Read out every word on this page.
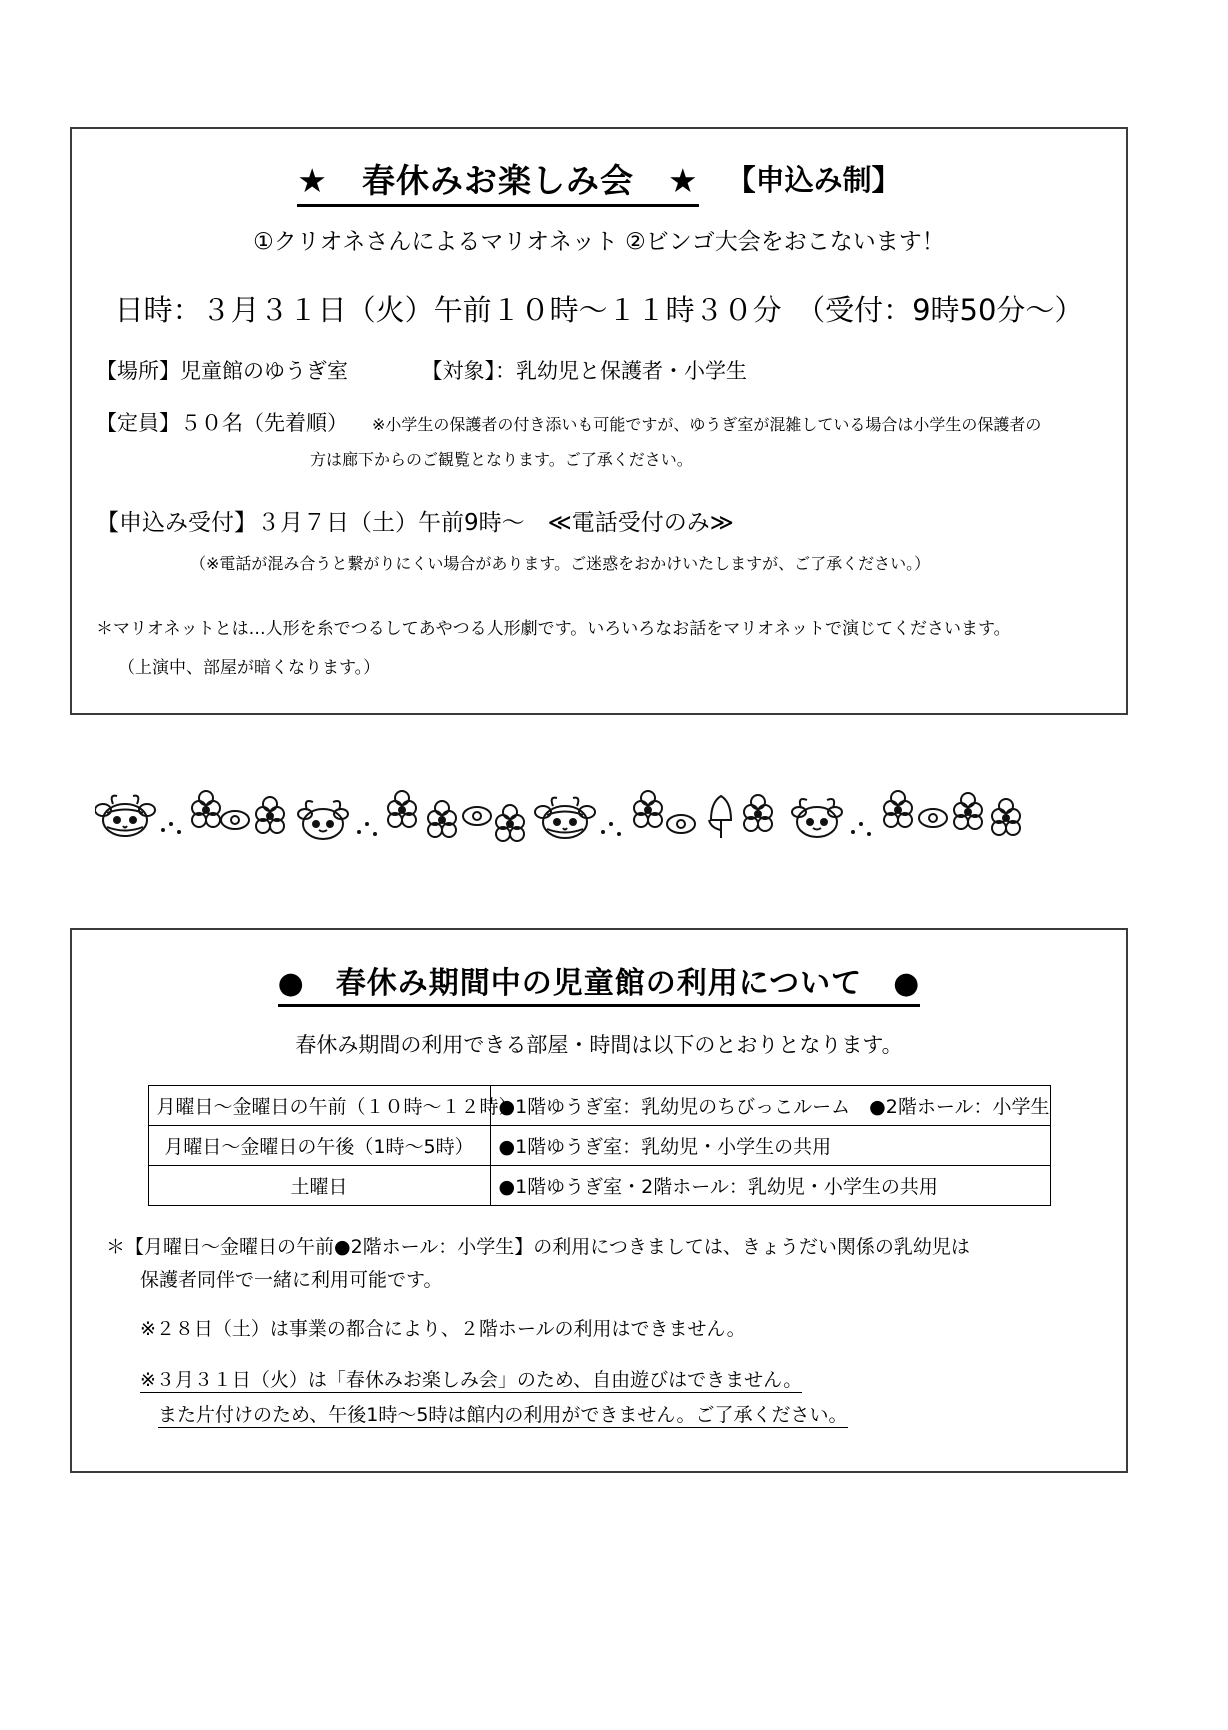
★　春休みお楽しみ会　★ 【申込み制】
①クリオネさんによるマリオネット ②ビンゴ大会をおこないます！
日時：３月３１日（火）午前１０時〜１１時３０分　（受付：9時50分〜）
【場所】児童館のゆうぎ室　　　　【対象】：乳幼児と保護者・小学生
【定員】５０名（先着順） ※小学生の保護者の付き添いも可能ですが、ゆうぎ室が混雑している場合は小学生の保護者の
方は廊下からのご観覧となります。ご了承ください。
【申込み受付】３月７日（土）午前9時〜　≪電話受付のみ≫
（※電話が混み合うと繋がりにくい場合があります。ご迷惑をおかけいたしますが、ご了承ください。）
＊マリオネットとは…人形を糸でつるしてあやつる人形劇です。いろいろなお話をマリオネットで演じてくださいます。
（上演中、部屋が暗くなります。）
●　春休み期間中の児童館の利用について　●
春休み期間の利用できる部屋・時間は以下のとおりとなります。
月曜日〜金曜日の午前（１０時〜１２時）	●1階ゆうぎ室：乳幼児のちびっこルーム　●2階ホール：小学生
月曜日〜金曜日の午後（1時〜5時）	●1階ゆうぎ室：乳幼児・小学生の共用
土曜日	●1階ゆうぎ室・2階ホール：乳幼児・小学生の共用
＊【月曜日〜金曜日の午前●2階ホール：小学生】の利用につきましては、きょうだい関係の乳幼児は
保護者同伴で一緒に利用可能です。
※２８日（土）は事業の都合により、２階ホールの利用はできません。
※３月３１日（火）は「春休みお楽しみ会」のため、自由遊びはできません。
また片付けのため、午後1時〜5時は館内の利用ができません。ご了承ください。
